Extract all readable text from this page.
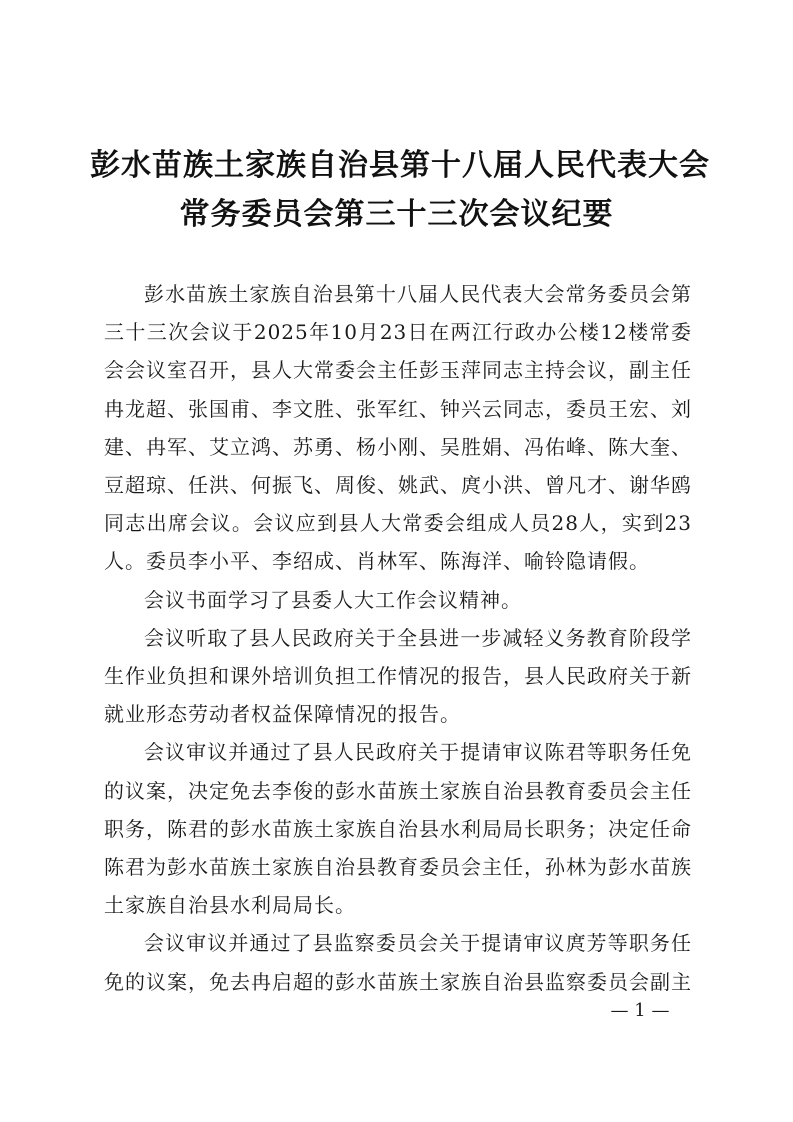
彭水苗族土家族自治县第十八届人民代表大会
常务委员会第三十三次会议纪要

彭水苗族土家族自治县第十八届人民代表大会常务委员会第三十三次会议于2025年10月23日在两江行政办公楼12楼常委会会议室召开，县人大常委会主任彭玉萍同志主持会议，副主任冉龙超、张国甫、李文胜、张军红、钟兴云同志，委员王宏、刘建、冉军、艾立鸿、苏勇、杨小刚、吴胜娟、冯佑峰、陈大奎、豆超琼、任洪、何振飞、周俊、姚武、庹小洪、曾凡才、谢华鸥同志出席会议。会议应到县人大常委会组成人员28人，实到23人。委员李小平、李绍成、肖林军、陈海洋、喻铃隐请假。

会议书面学习了县委人大工作会议精神。

会议听取了县人民政府关于全县进一步减轻义务教育阶段学生作业负担和课外培训负担工作情况的报告，县人民政府关于新就业形态劳动者权益保障情况的报告。

会议审议并通过了县人民政府关于提请审议陈君等职务任免的议案，决定免去李俊的彭水苗族土家族自治县教育委员会主任职务，陈君的彭水苗族土家族自治县水利局局长职务；决定任命陈君为彭水苗族土家族自治县教育委员会主任，孙林为彭水苗族土家族自治县水利局局长。

会议审议并通过了县监察委员会关于提请审议庹芳等职务任免的议案，免去冉启超的彭水苗族土家族自治县监察委员会副主

— 1 —
